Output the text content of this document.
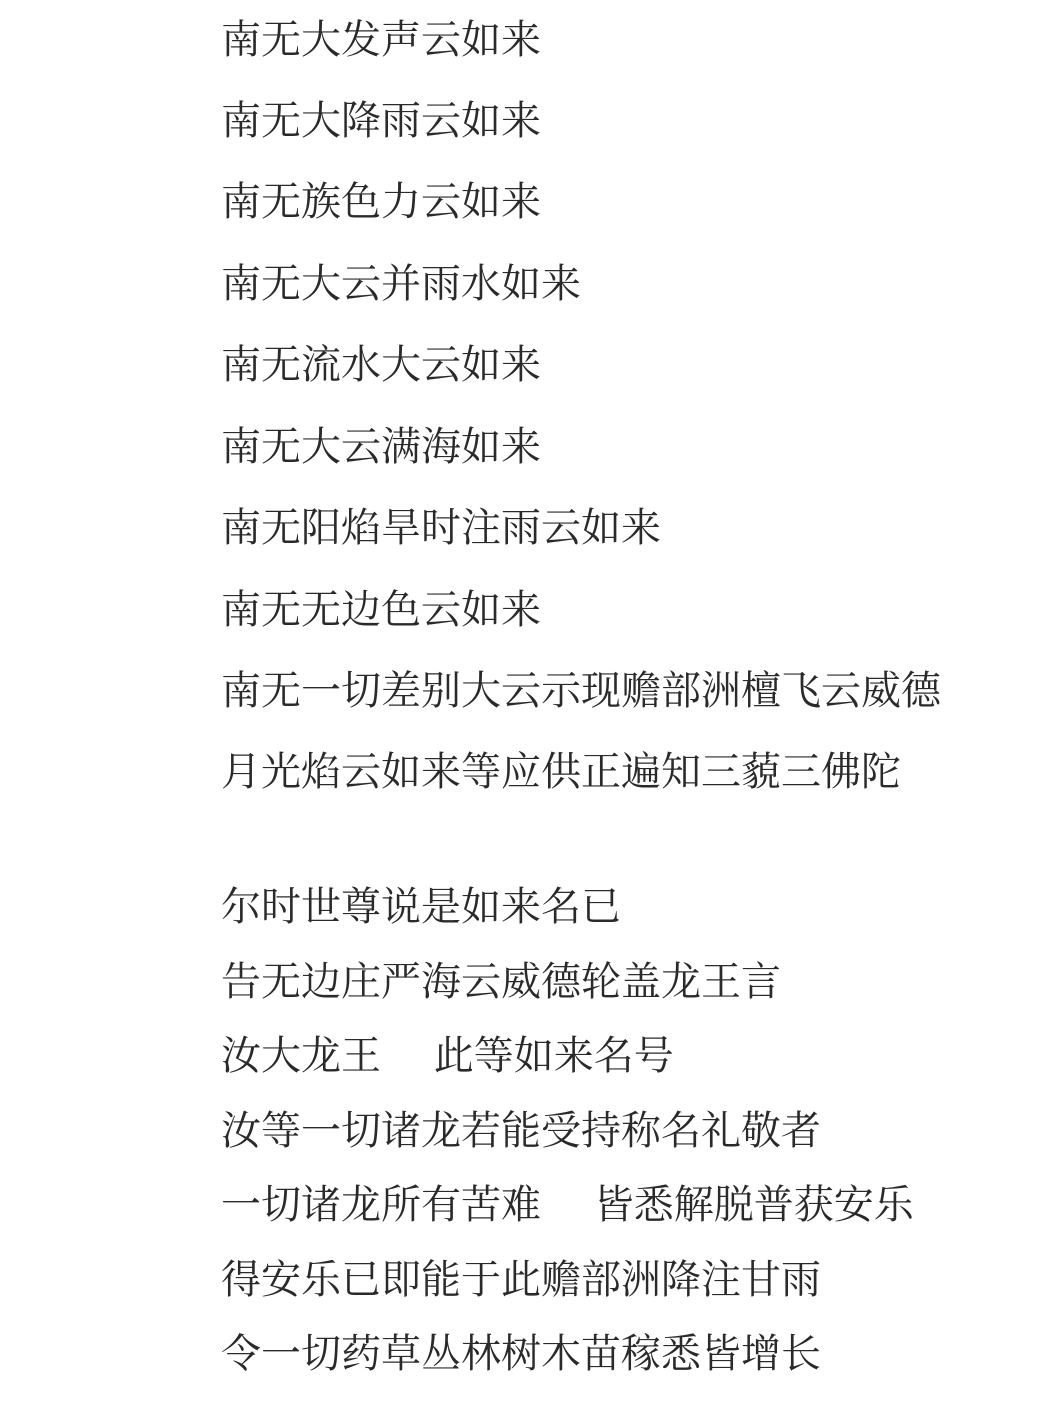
南无大发声云如来

南无大降雨云如来

南无族色力云如来

南无大云并雨水如来

南无流水大云如来

南无大云满海如来

南无阳焰旱时注雨云如来

南无无边色云如来

南无一切差别大云示现赡部洲檀飞云威德

月光焰云如来等应供正遍知三藐三佛陀

尔时世尊说是如来名已

告无边庄严海云威德轮盖龙王言

汝大龙王　 此等如来名号

汝等一切诸龙若能受持称名礼敬者

一切诸龙所有苦难　 皆悉解脱普获安乐

得安乐已即能于此赡部洲降注甘雨

令一切药草丛林树木苗稼悉皆增长
